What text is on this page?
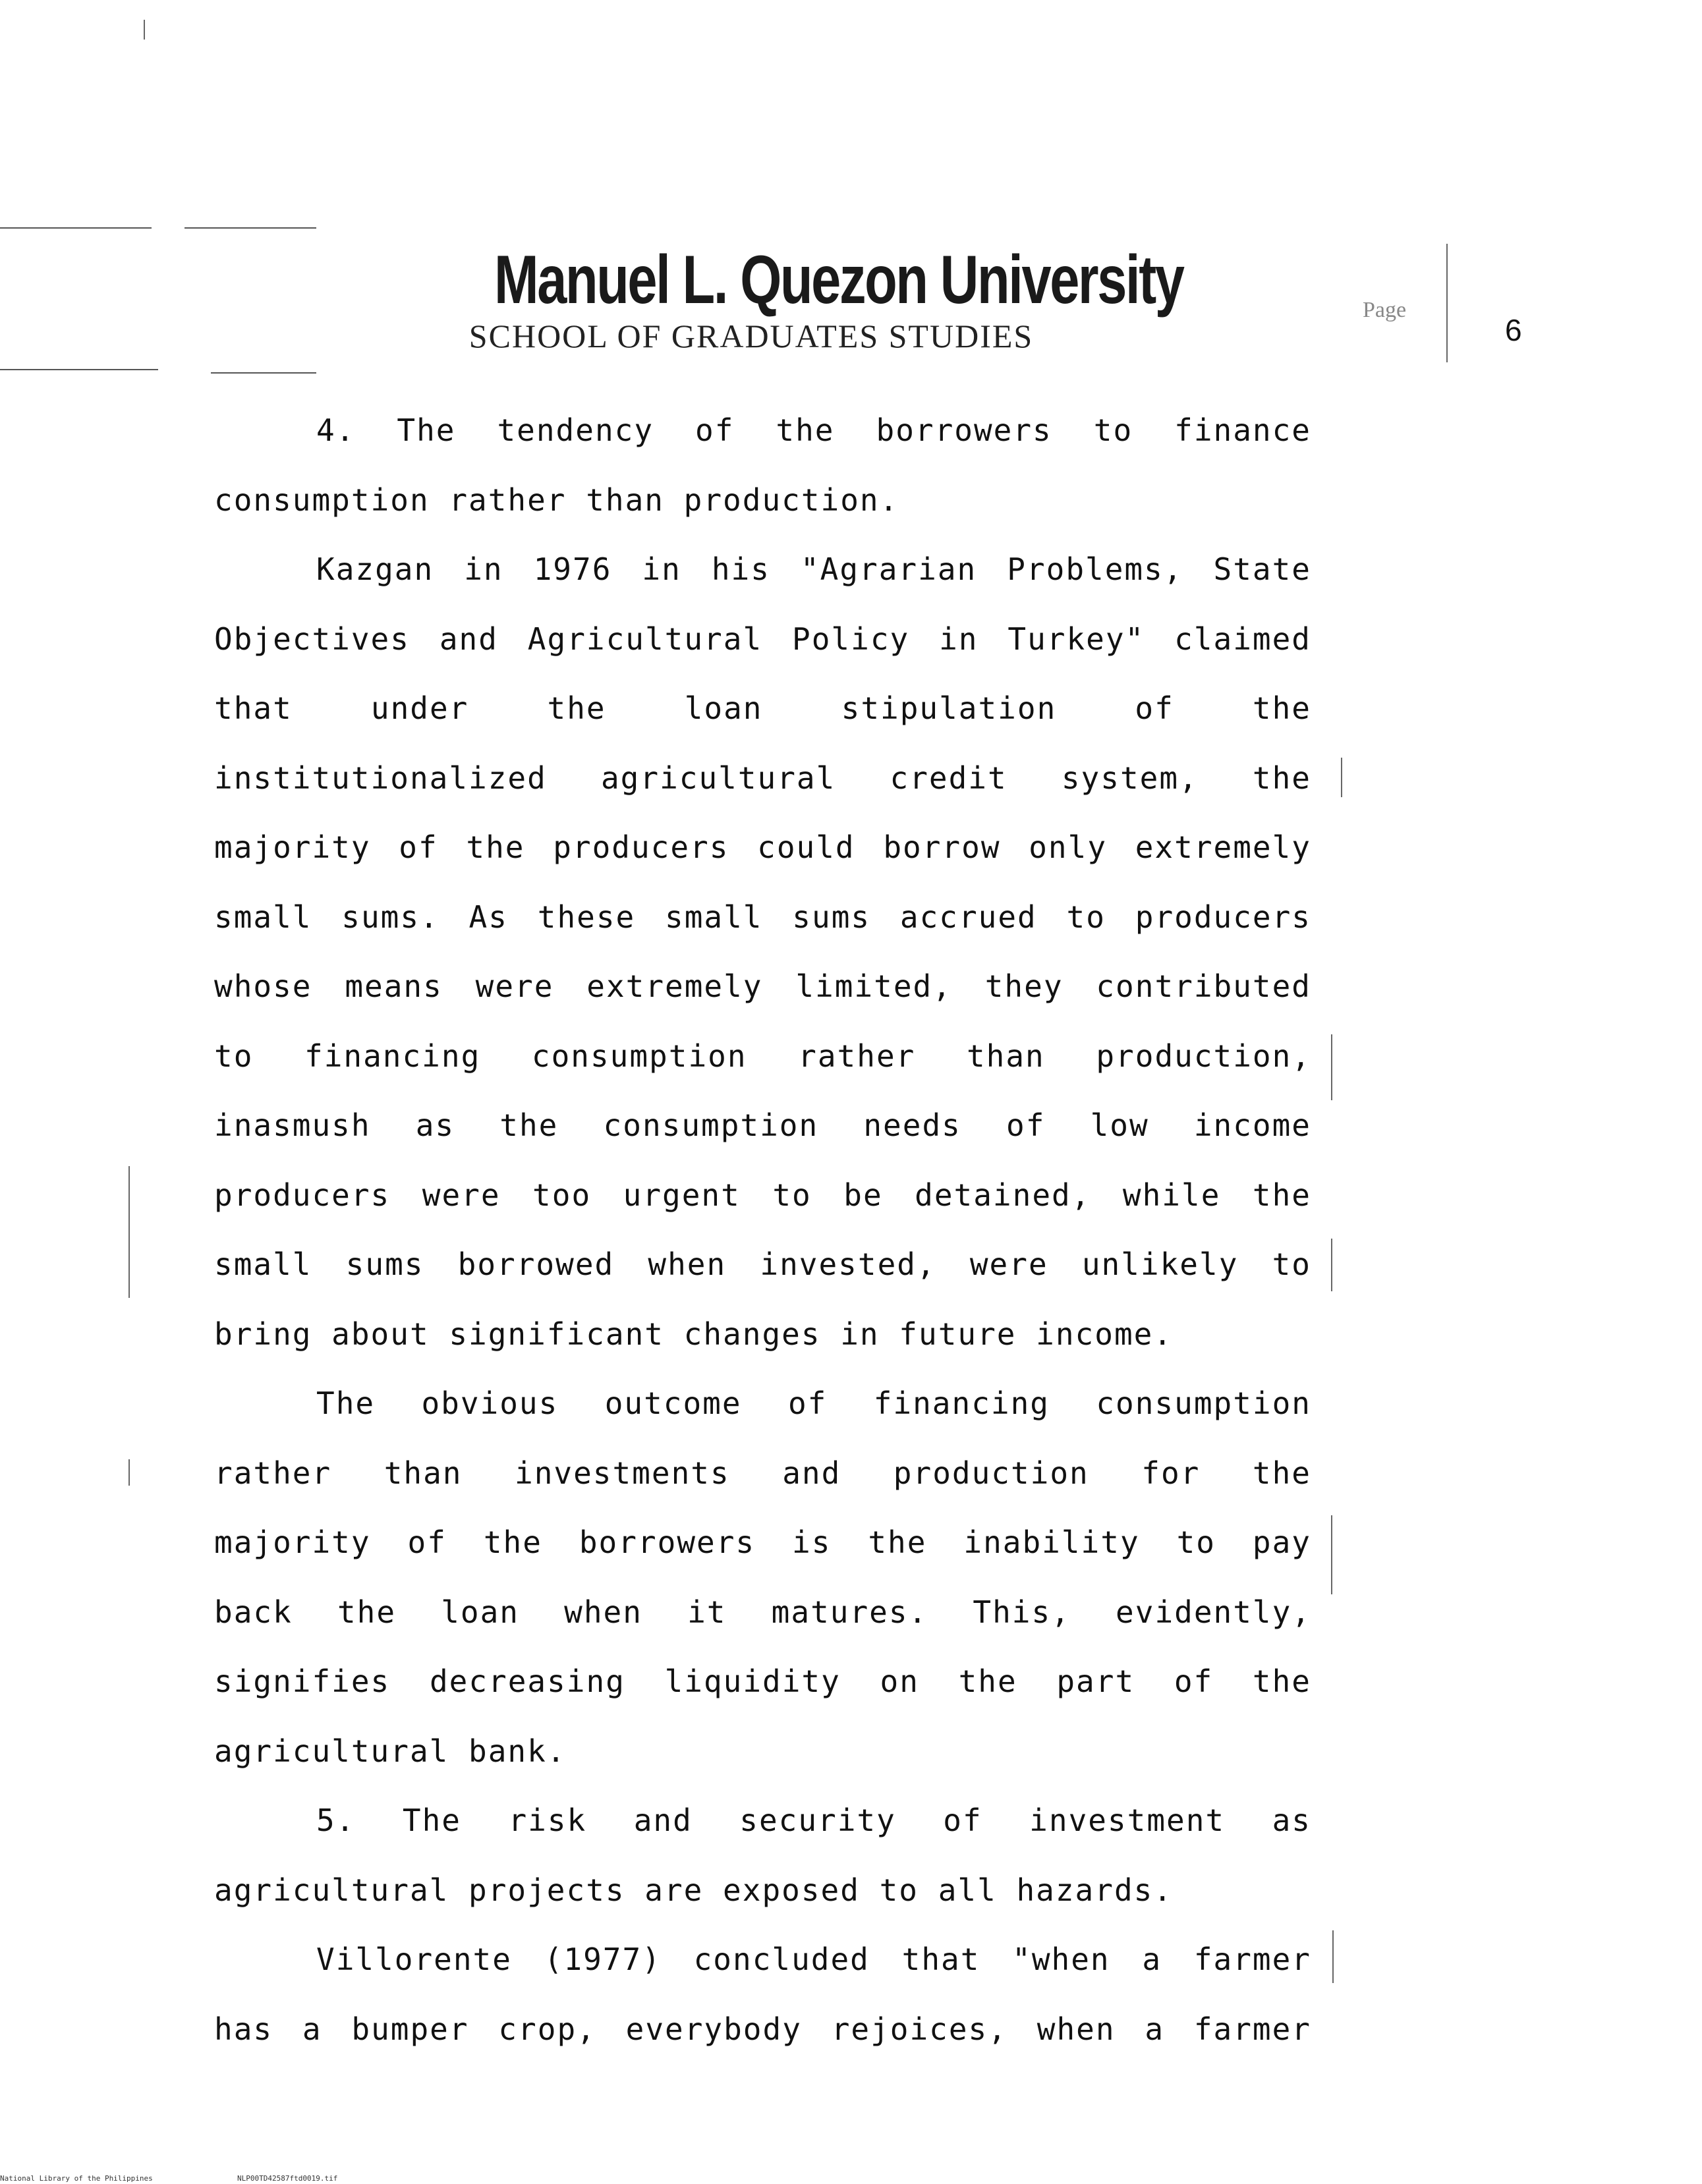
Manuel L. Quezon University
SCHOOL OF GRADUATES STUDIES
Page
6
4. The tendency of the borrowers to finance
consumption rather than production.
Kazgan in 1976 in his "Agrarian Problems, State
Objectives and Agricultural Policy in Turkey" claimed
that under the loan stipulation of the
institutionalized agricultural credit system, the
majority of the producers could borrow only extremely
small sums. As these small sums accrued to producers
whose means were extremely limited, they contributed
to financing consumption rather than production,
inasmush as the consumption needs of low income
producers were too urgent to be detained, while the
small sums borrowed when invested, were unlikely to
bring about significant changes in future income.
The obvious outcome of financing consumption
rather than investments and production for the
majority of the borrowers is the inability to pay
back the loan when it matures. This, evidently,
signifies decreasing liquidity on the part of the
agricultural bank.
5. The risk and security of investment as
agricultural projects are exposed to all hazards.
Villorente (1977) concluded that "when a farmer
has a bumper crop, everybody rejoices, when a farmer
National Library of the Philippines	NLP00TD42587ftd0019.tif
